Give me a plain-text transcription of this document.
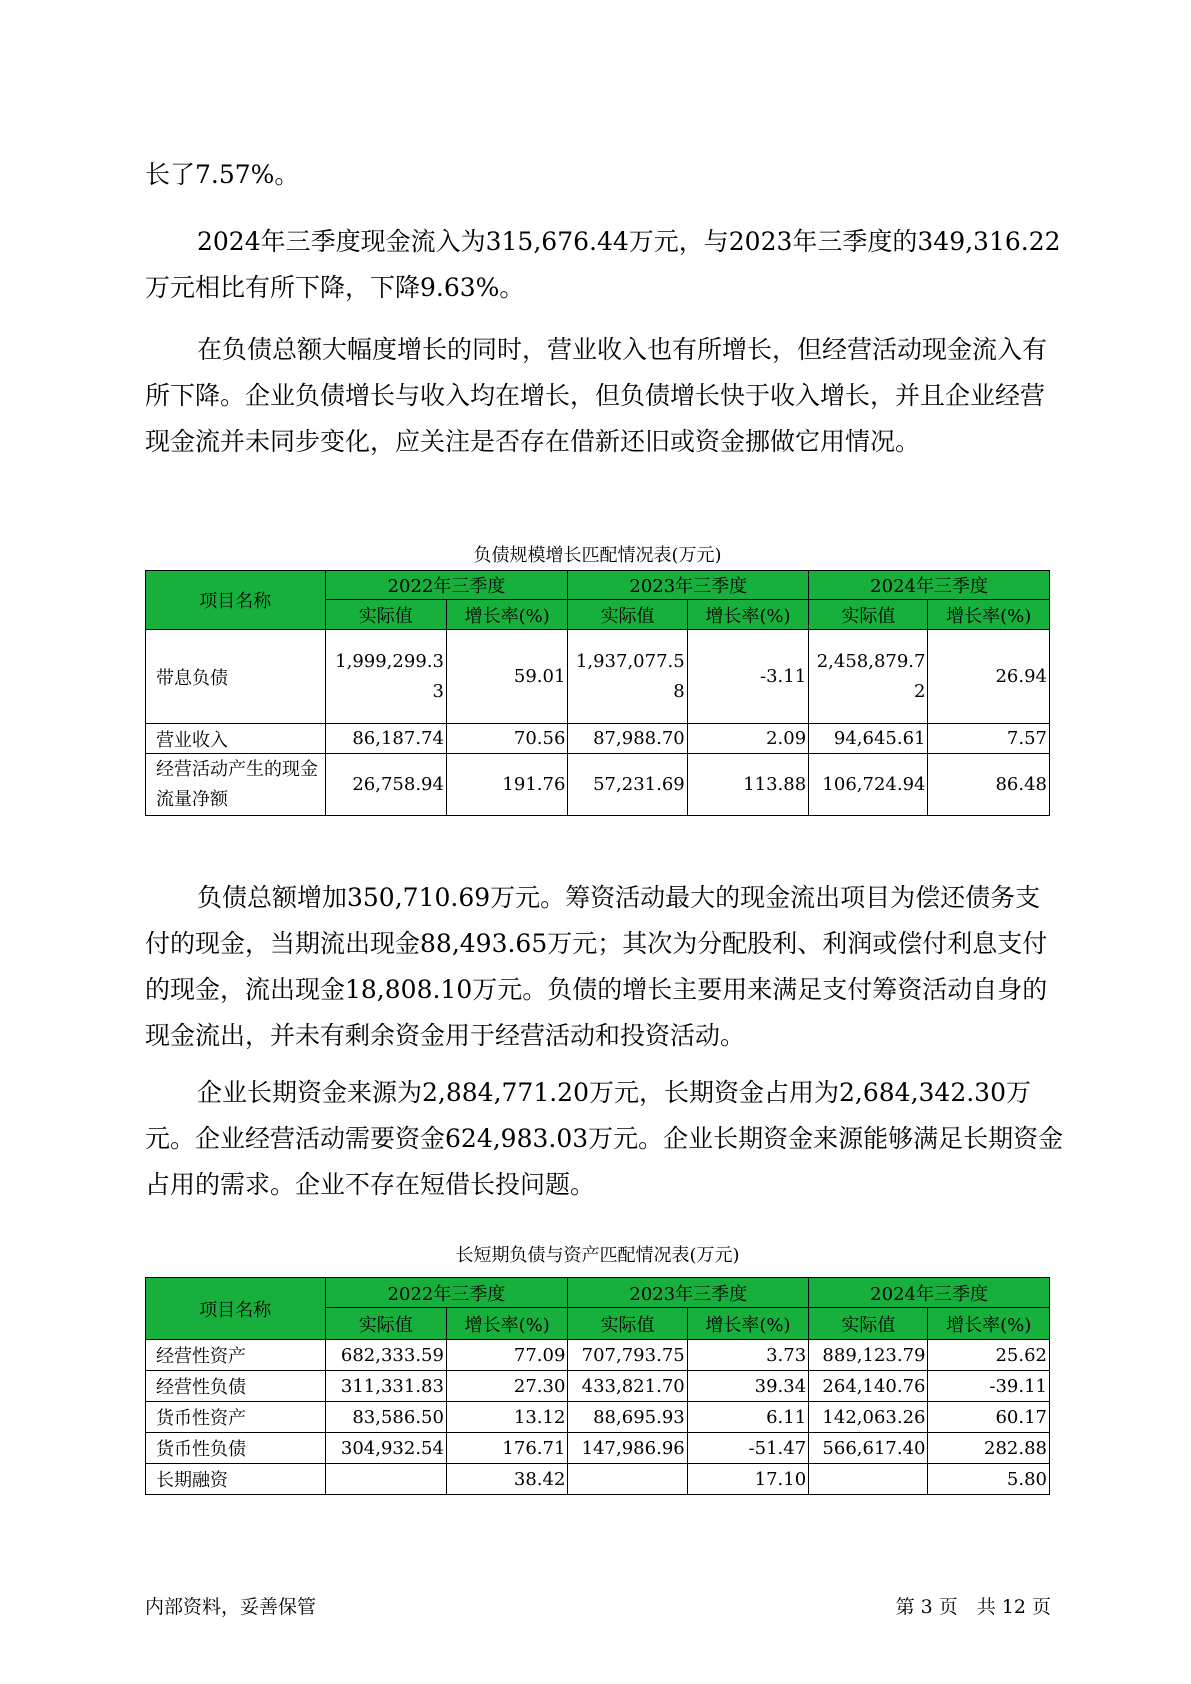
长了7.57%。

2024年三季度现金流入为315,676.44万元，与2023年三季度的349,316.22万元相比有所下降，下降9.63%。

在负债总额大幅度增长的同时，营业收入也有所增长，但经营活动现金流入有所下降。企业负债增长与收入均在增长，但负债增长快于收入增长，并且企业经营现金流并未同步变化，应关注是否存在借新还旧或资金挪做它用情况。

负债规模增长匹配情况表(万元)
项目名称	2022年三季度		2023年三季度		2024年三季度	
	实际值	增长率(%)	实际值	增长率(%)	实际值	增长率(%)
带息负债	1,999,299.33	59.01	1,937,077.58	-3.11	2,458,879.72	26.94
营业收入	86,187.74	70.56	87,988.70	2.09	94,645.61	7.57
经营活动产生的现金流量净额	26,758.94	191.76	57,231.69	113.88	106,724.94	86.48

负债总额增加350,710.69万元。筹资活动最大的现金流出项目为偿还债务支付的现金，当期流出现金88,493.65万元；其次为分配股利、利润或偿付利息支付的现金，流出现金18,808.10万元。负债的增长主要用来满足支付筹资活动自身的现金流出，并未有剩余资金用于经营活动和投资活动。

企业长期资金来源为2,884,771.20万元，长期资金占用为2,684,342.30万元。企业经营活动需要资金624,983.03万元。企业长期资金来源能够满足长期资金占用的需求。企业不存在短借长投问题。

长短期负债与资产匹配情况表(万元)
项目名称	2022年三季度		2023年三季度		2024年三季度	
	实际值	增长率(%)	实际值	增长率(%)	实际值	增长率(%)
经营性资产	682,333.59	77.09	707,793.75	3.73	889,123.79	25.62
经营性负债	311,331.83	27.30	433,821.70	39.34	264,140.76	-39.11
货币性资产	83,586.50	13.12	88,695.93	6.11	142,063.26	60.17
货币性负债	304,932.54	176.71	147,986.96	-51.47	566,617.40	282.88
长期融资		38.42		17.10		5.80
内部资料，妥善保管	第 3 页　共 12 页
